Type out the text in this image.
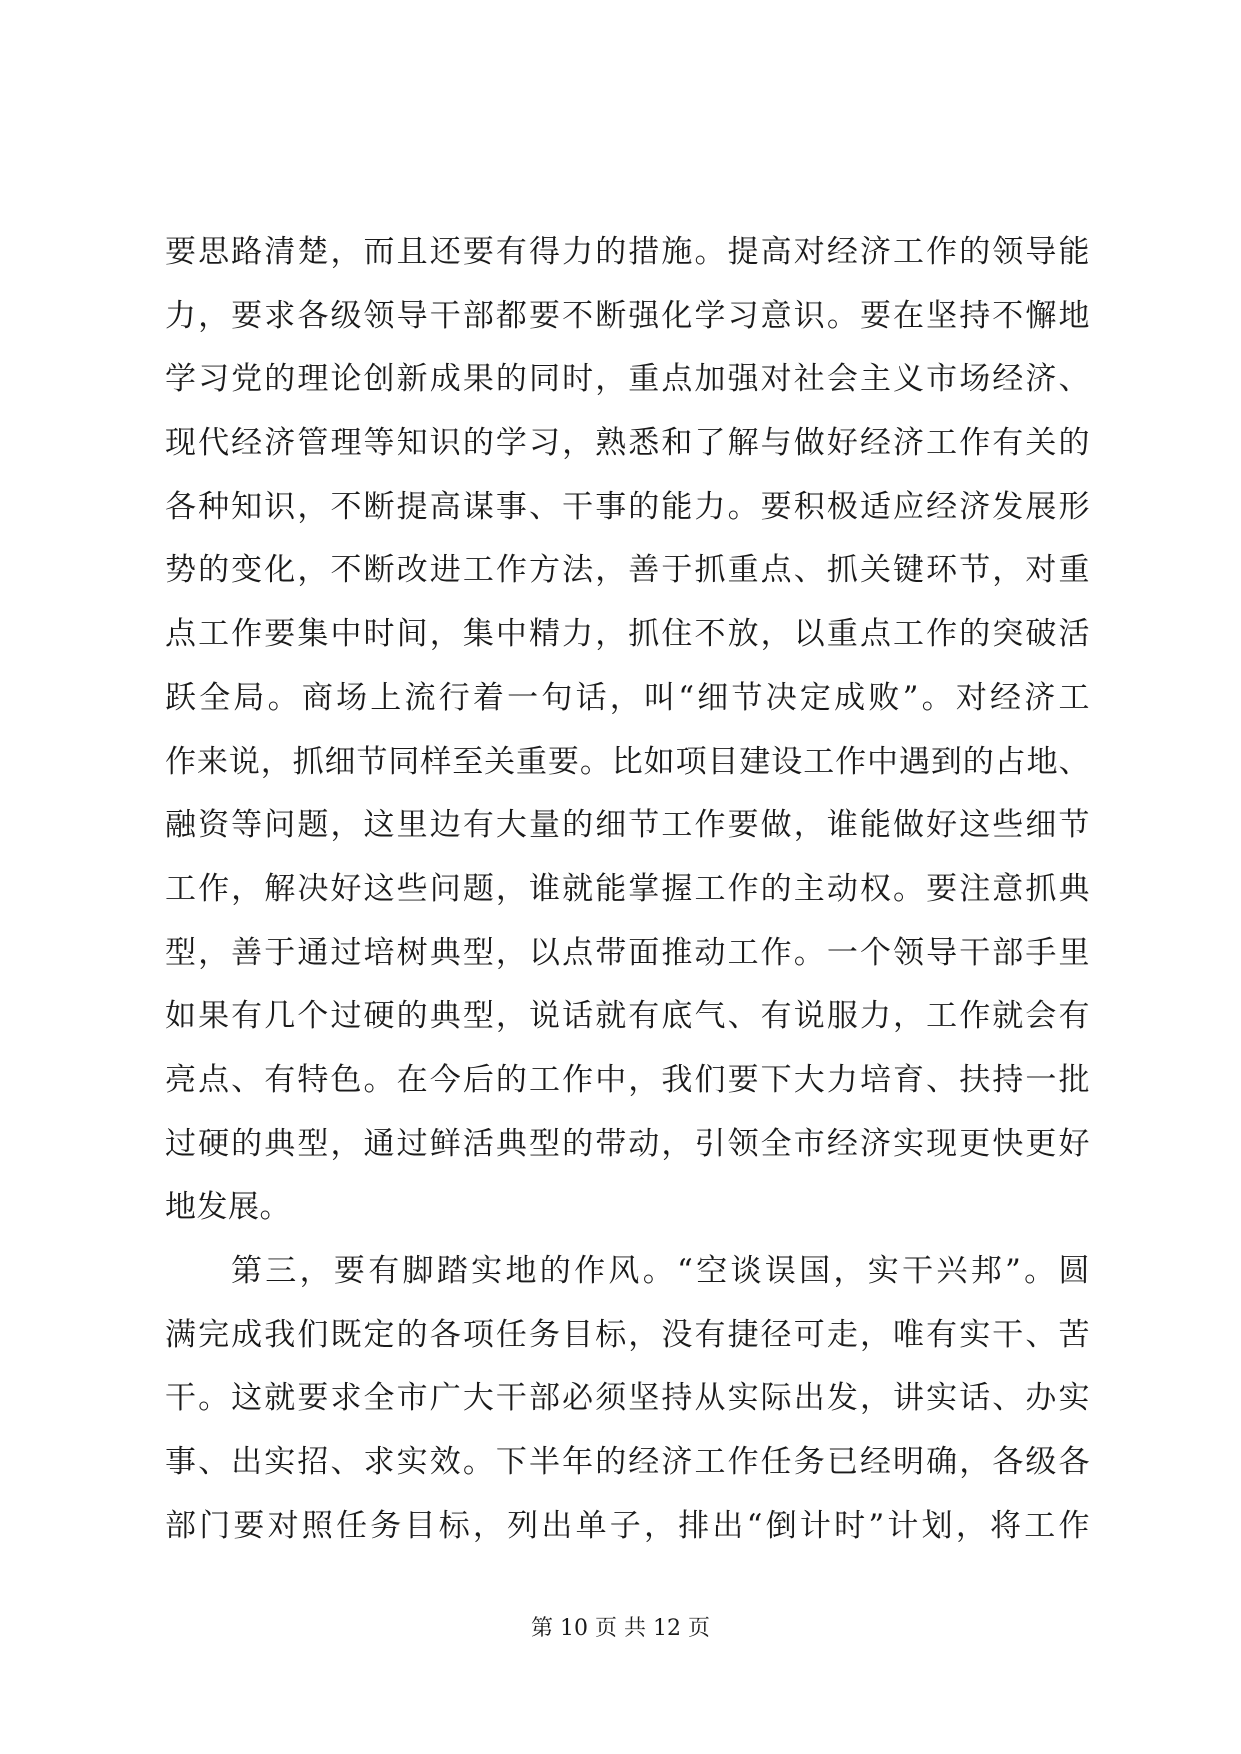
要思路清楚，而且还要有得力的措施。提高对经济工作的领导能
力，要求各级领导干部都要不断强化学习意识。要在坚持不懈地
学习党的理论创新成果的同时，重点加强对社会主义市场经济、
现代经济管理等知识的学习，熟悉和了解与做好经济工作有关的
各种知识，不断提高谋事、干事的能力。要积极适应经济发展形
势的变化，不断改进工作方法，善于抓重点、抓关键环节，对重
点工作要集中时间，集中精力，抓住不放，以重点工作的突破活
跃全局。商场上流行着一句话，叫“细节决定成败”。对经济工
作来说，抓细节同样至关重要。比如项目建设工作中遇到的占地、
融资等问题，这里边有大量的细节工作要做，谁能做好这些细节
工作，解决好这些问题，谁就能掌握工作的主动权。要注意抓典
型，善于通过培树典型，以点带面推动工作。一个领导干部手里
如果有几个过硬的典型，说话就有底气、有说服力，工作就会有
亮点、有特色。在今后的工作中，我们要下大力培育、扶持一批
过硬的典型，通过鲜活典型的带动，引领全市经济实现更快更好
地发展。
第三，要有脚踏实地的作风。“空谈误国，实干兴邦”。圆
满完成我们既定的各项任务目标，没有捷径可走，唯有实干、苦
干。这就要求全市广大干部必须坚持从实际出发，讲实话、办实
事、出实招、求实效。下半年的经济工作任务已经明确，各级各
部门要对照任务目标，列出单子，排出“倒计时”计划，将工作
第 10 页 共 12 页
